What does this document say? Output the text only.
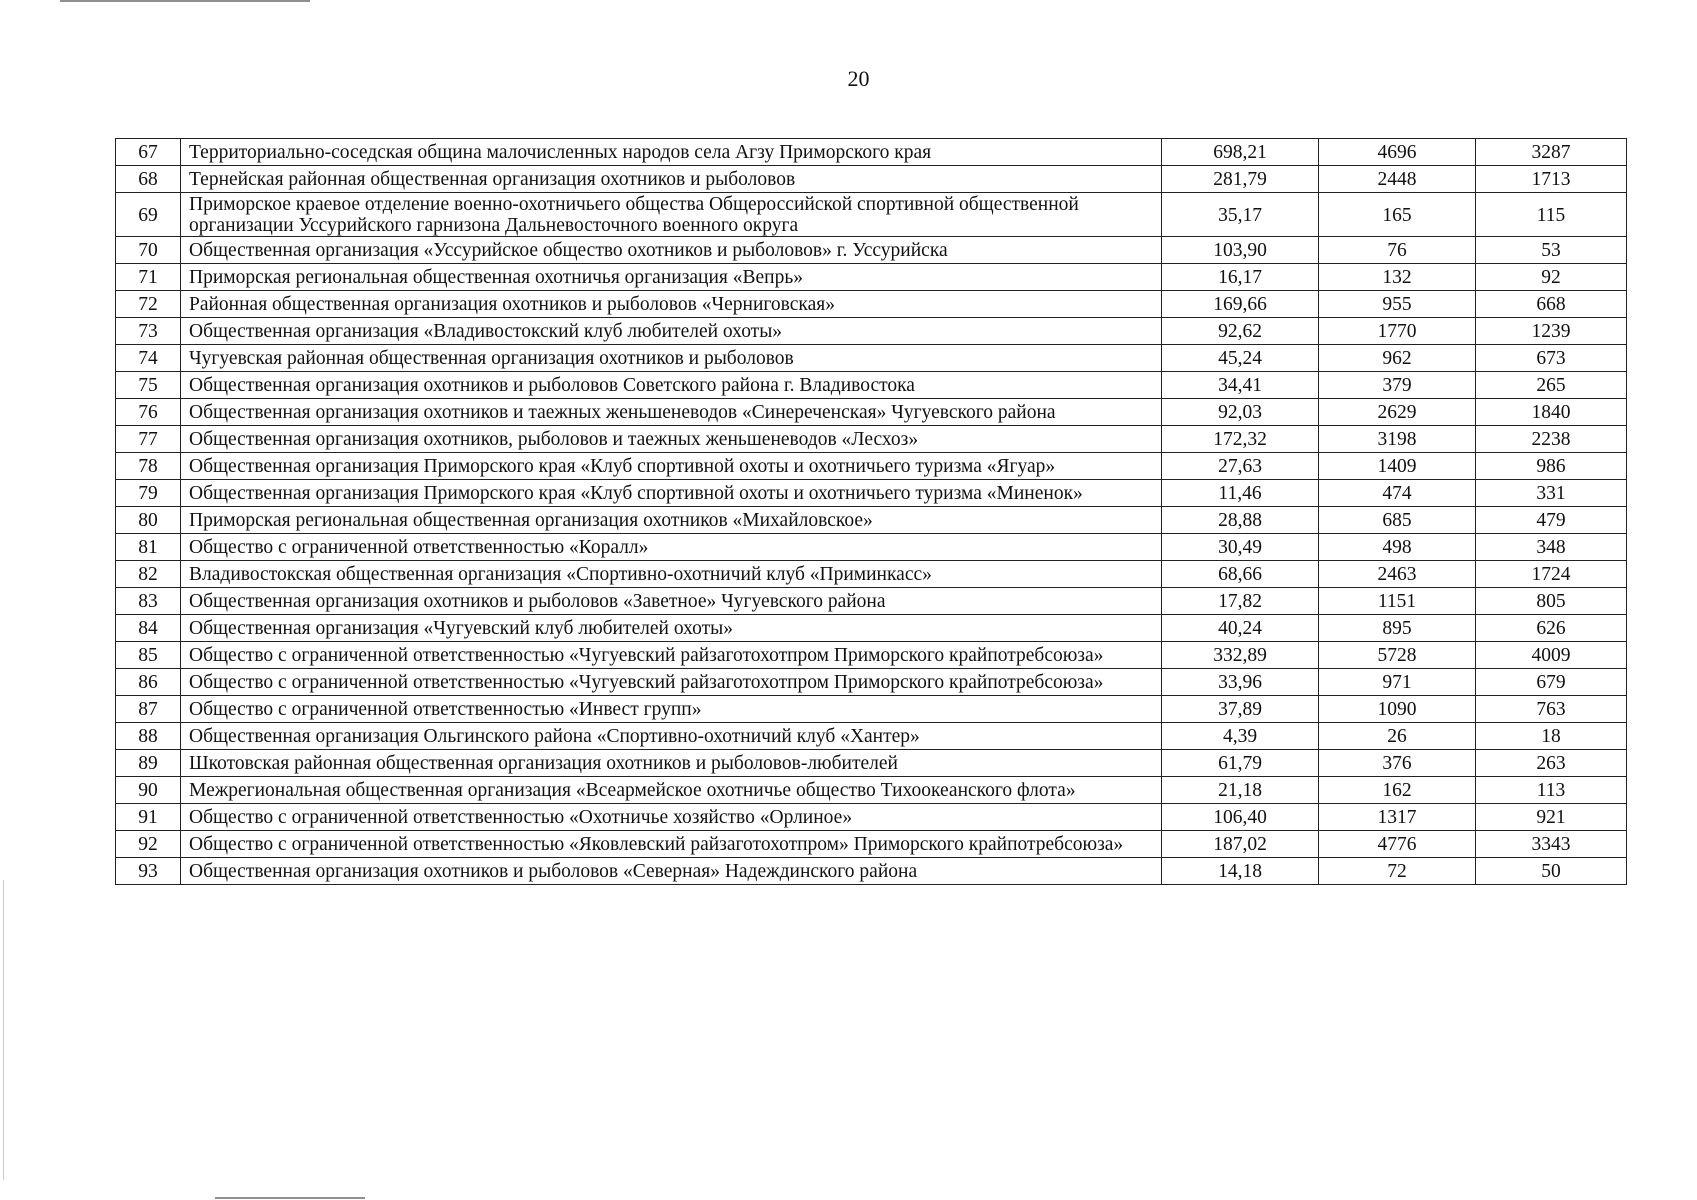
20
67	Территориально-соседская община малочисленных народов села Агзу Приморского края	698,21	4696	3287
68	Тернейская районная общественная организация охотников и рыболовов	281,79	2448	1713
69	Приморское краевое отделение военно-охотничьего общества Общероссийской спортивной общественной организации Уссурийского гарнизона Дальневосточного военного округа	35,17	165	115
70	Общественная организация «Уссурийское общество охотников и рыболовов» г. Уссурийска	103,90	76	53
71	Приморская региональная общественная охотничья организация «Вепрь»	16,17	132	92
72	Районная общественная организация охотников и рыболовов «Черниговская»	169,66	955	668
73	Общественная организация «Владивостокский клуб любителей охоты»	92,62	1770	1239
74	Чугуевская районная общественная организация охотников и рыболовов	45,24	962	673
75	Общественная организация охотников и рыболовов Советского района г. Владивостока	34,41	379	265
76	Общественная организация охотников и таежных женьшеневодов «Синереченская» Чугуевского района	92,03	2629	1840
77	Общественная организация охотников, рыболовов и таежных женьшеневодов «Лесхоз»	172,32	3198	2238
78	Общественная организация Приморского края «Клуб спортивной охоты и охотничьего туризма «Ягуар»	27,63	1409	986
79	Общественная организация Приморского края «Клуб спортивной охоты и охотничьего туризма «Миненок»	11,46	474	331
80	Приморская региональная общественная организация охотников «Михайловское»	28,88	685	479
81	Общество с ограниченной ответственностью «Коралл»	30,49	498	348
82	Владивостокская общественная организация «Спортивно-охотничий клуб «Приминкасс»	68,66	2463	1724
83	Общественная организация охотников и рыболовов «Заветное» Чугуевского района	17,82	1151	805
84	Общественная организация «Чугуевский клуб любителей охоты»	40,24	895	626
85	Общество с ограниченной ответственностью «Чугуевский райзаготохотпром Приморского крайпотребсоюза»	332,89	5728	4009
86	Общество с ограниченной ответственностью «Чугуевский райзаготохотпром Приморского крайпотребсоюза»	33,96	971	679
87	Общество с ограниченной ответственностью «Инвест групп»	37,89	1090	763
88	Общественная организация Ольгинского района «Спортивно-охотничий клуб «Хантер»	4,39	26	18
89	Шкотовская районная общественная организация охотников и рыболовов-любителей	61,79	376	263
90	Межрегиональная общественная организация «Всеармейское охотничье общество Тихоокеанского флота»	21,18	162	113
91	Общество с ограниченной ответственностью «Охотничье хозяйство «Орлиное»	106,40	1317	921
92	Общество с ограниченной ответственностью «Яковлевский райзаготохотпром» Приморского крайпотребсоюза»	187,02	4776	3343
93	Общественная организация охотников и рыболовов «Северная» Надеждинского района	14,18	72	50
